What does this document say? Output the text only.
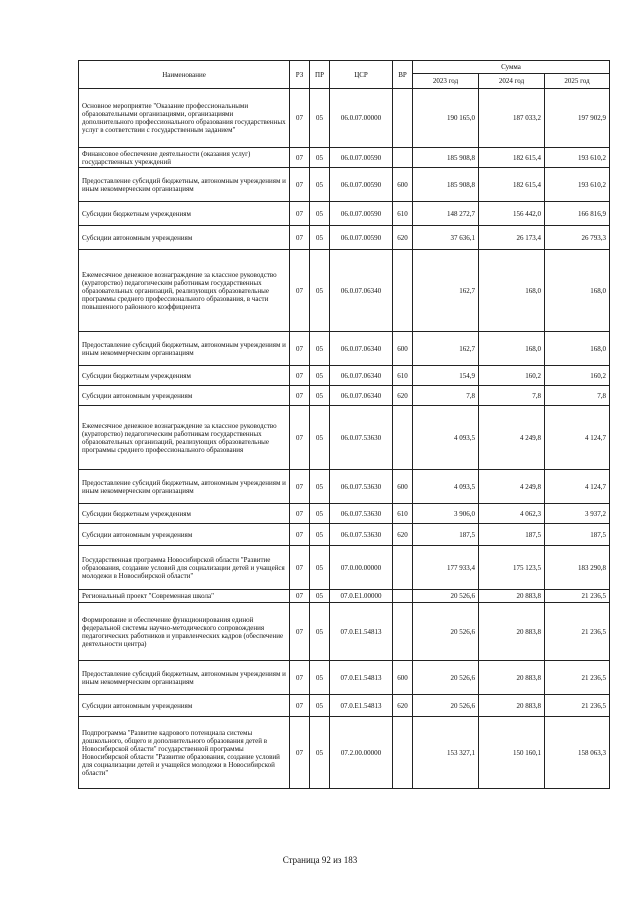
Наименование	РЗ	ПР	ЦСР	ВР	Сумма		
					2023 год	2024 год	2025 год
Основное мероприятие "Оказание профессиональными образовательными организациями, организациями дополнительного профессионального образования государственных услуг в соответствии с государственным заданием"	07	05	06.0.07.00000		190 165,0	187 033,2	197 902,9
Финансовое обеспечение деятельности (оказания услуг) государственных учреждений	07	05	06.0.07.00590		185 908,8	182 615,4	193 610,2
Предоставление субсидий бюджетным, автономным учреждениям и иным некоммерческим организациям	07	05	06.0.07.00590	600	185 908,8	182 615,4	193 610,2
Субсидии бюджетным учреждениям	07	05	06.0.07.00590	610	148 272,7	156 442,0	166 816,9
Субсидии автономным учреждениям	07	05	06.0.07.00590	620	37 636,1	26 173,4	26 793,3
Ежемесячное денежное вознаграждение за классное руководство (кураторство) педагогическим работникам государственных образовательных организаций, реализующих образовательные программы среднего профессионального образования, в части повышенного районного коэффициента	07	05	06.0.07.06340		162,7	168,0	168,0
Предоставление субсидий бюджетным, автономным учреждениям и иным некоммерческим организациям	07	05	06.0.07.06340	600	162,7	168,0	168,0
Субсидии бюджетным учреждениям	07	05	06.0.07.06340	610	154,9	160,2	160,2
Субсидии автономным учреждениям	07	05	06.0.07.06340	620	7,8	7,8	7,8
Ежемесячное денежное вознаграждение за классное руководство (кураторство) педагогическим работникам государственных образовательных организаций, реализующих образовательные программы среднего профессионального образования	07	05	06.0.07.53630		4 093,5	4 249,8	4 124,7
Предоставление субсидий бюджетным, автономным учреждениям и иным некоммерческим организациям	07	05	06.0.07.53630	600	4 093,5	4 249,8	4 124,7
Субсидии бюджетным учреждениям	07	05	06.0.07.53630	610	3 906,0	4 062,3	3 937,2
Субсидии автономным учреждениям	07	05	06.0.07.53630	620	187,5	187,5	187,5
Государственная программа Новосибирской области "Развитие образования, создание условий для социализации детей и учащейся молодежи в Новосибирской области"	07	05	07.0.00.00000		177 933,4	175 123,5	183 290,8
Региональный проект "Современная школа"	07	05	07.0.E1.00000		20 526,6	20 883,8	21 236,5
Формирование и обеспечение функционирования единой федеральной системы научно-методического сопровождения педагогических работников и управленческих кадров (обеспечение деятельности центра)	07	05	07.0.E1.54813		20 526,6	20 883,8	21 236,5
Предоставление субсидий бюджетным, автономным учреждениям и иным некоммерческим организациям	07	05	07.0.E1.54813	600	20 526,6	20 883,8	21 236,5
Субсидии автономным учреждениям	07	05	07.0.E1.54813	620	20 526,6	20 883,8	21 236,5
Подпрограмма "Развитие кадрового потенциала системы дошкольного, общего и дополнительного образования детей в Новосибирской области" государственной программы Новосибирской области "Развитие образования, создание условий для социализации детей и учащейся молодежи в Новосибирской области"	07	05	07.2.00.00000		153 327,1	150 160,1	158 063,3
Страница 92 из 183
